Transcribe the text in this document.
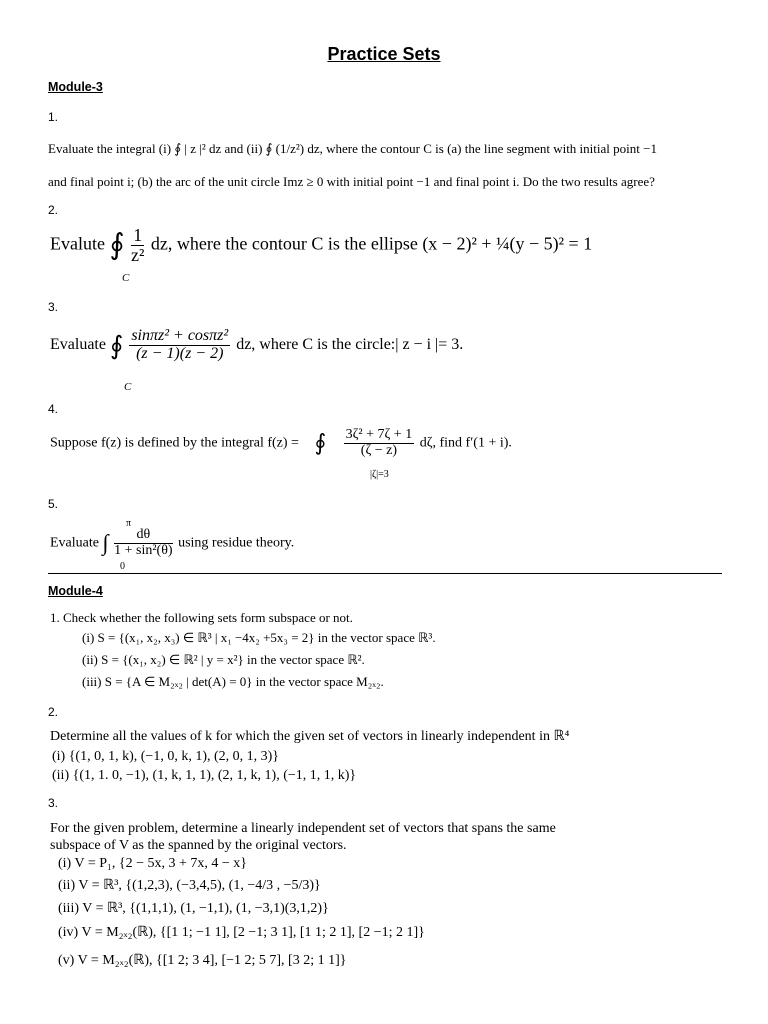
Practice Sets
Module-3
1.
Evaluate the integral (i) ∮ | z |² dz and (ii) ∮ (1/z²) dz, where the contour C is (a) the line segment with initial point −1
and final point i; (b) the arc of the unit circle Imz ≥ 0 with initial point −1 and final point i. Do the two results agree?
2.
Evalute ∮ $\frac{1}{\text{z²}}$ dz, where the contour C is the ellipse (x − 2)² + ¼(y − 5)² = 1
C
3.
Evaluate ∮ $\frac{\text{sinπz² + cosπz²}}{(z - 1)(z - 2)}$ dz, where C is the circle:| z − i |= 3.
C
4.
Suppose f(z) is defined by the integral f(z) = ∮ $\frac{\text{3ζ² + 7ζ + 1}}{(\zeta - z)} d\zeta$, find f′(1 + i).
|ζ|=3
5.
π
Evaluate ∫ $\frac{d\theta}{\text{1 + sin²(θ)}}$ using residue theory.
0
Module-4
1. Check whether the following sets form subspace or not.
(i) S = {(x₁, x₂, x₃) ∈ ℝ³ | x₁ −4x₂ +5x₃ = 2} in the vector space ℝ³.
(ii) S = {(x₁, x₂) ∈ ℝ² | y = x²} in the vector space ℝ².
(iii) S = {A ∈ M₂ₓ₂ | det(A) = 0} in the vector space M₂ₓ₂.
2.
Determine all the values of k for which the given set of vectors in linearly independent in ℝ⁴
(i) {(1, 0, 1, k), (−1, 0, k, 1), (2, 0, 1, 3)}
(ii) {(1, 1. 0, −1), (1, k, 1, 1), (2, 1, k, 1), (−1, 1, 1, k)}
3.
For the given problem, determine a linearly independent set of vectors that spans the same
subspace of V as the spanned by the original vectors.
(i) V = P₁, {2 − 5x, 3 + 7x, 4 − x}
(ii) V = ℝ³, {(1,2,3), (−3,4,5), (1, −4/3 , −5/3)}
(iii) V = ℝ³, {(1,1,1), (1, −1,1), (1, −3,1)(3,1,2)}
(iv) V = M₂ₓ₂(ℝ), {[1 1; −1 1], [2 −1; 3 1], [1 1; 2 1], [2 −1; 2 1]}
(v) V = M₂ₓ₂(ℝ), {[1 2; 3 4], [−1 2; 5 7], [3 2; 1 1]}
